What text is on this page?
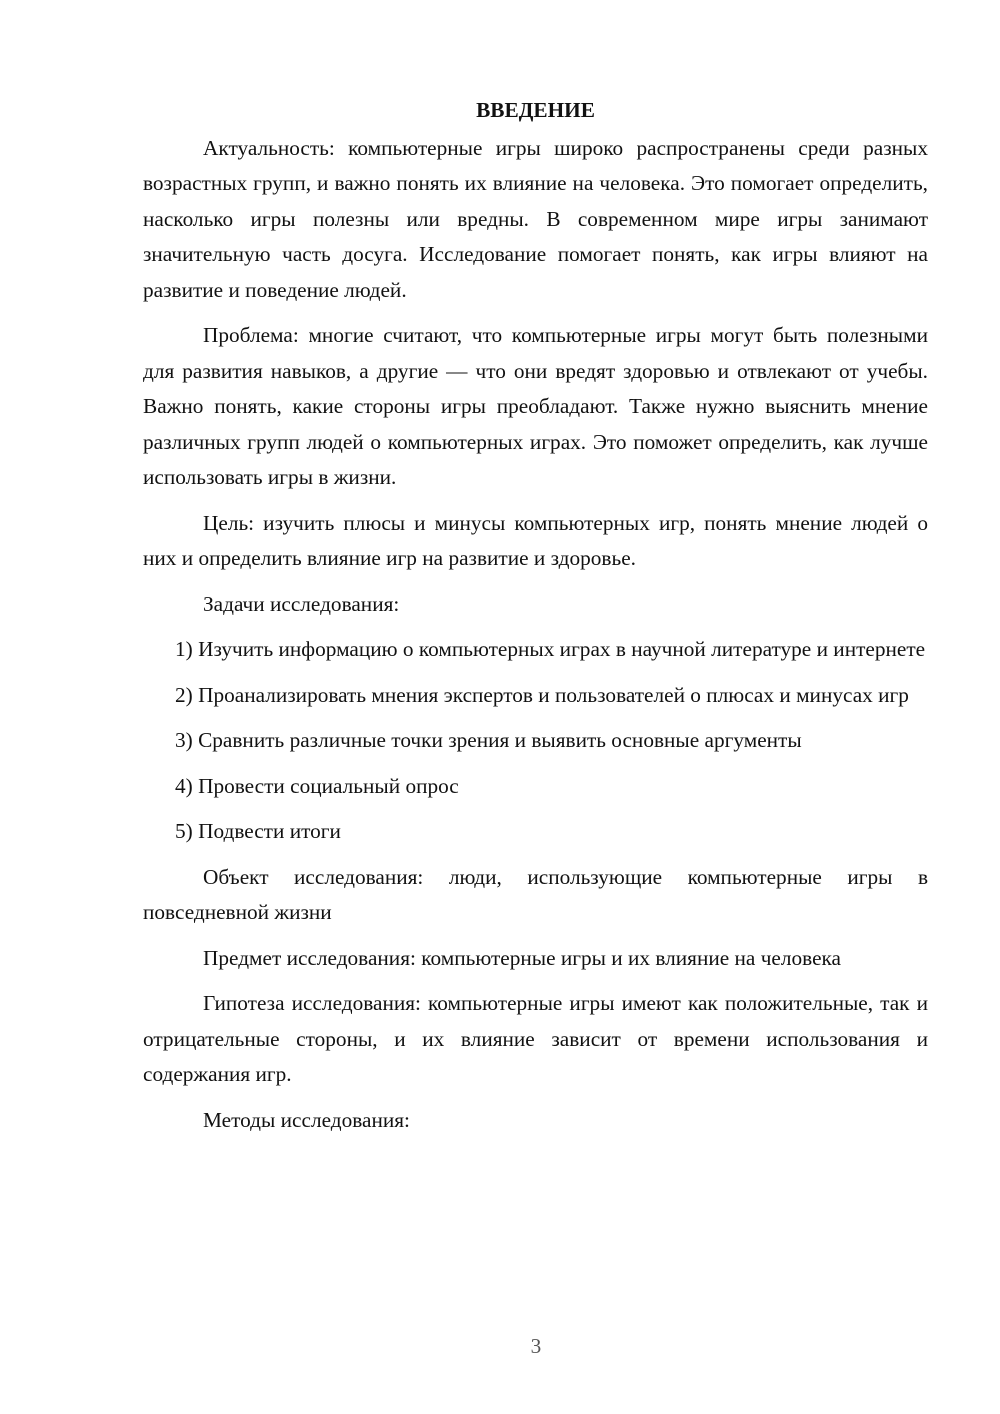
ВВЕДЕНИЕ

Актуальность: компьютерные игры широко распространены среди разных возрастных групп, и важно понять их влияние на человека. Это помогает определить, насколько игры полезны или вредны. В современном мире игры занимают значительную часть досуга. Исследование помогает понять, как игры влияют на развитие и поведение людей.

Проблема: многие считают, что компьютерные игры могут быть полезными для развития навыков, а другие — что они вредят здоровью и отвлекают от учебы. Важно понять, какие стороны игры преобладают. Также нужно выяснить мнение различных групп людей о компьютерных играх. Это поможет определить, как лучше использовать игры в жизни.

Цель: изучить плюсы и минусы компьютерных игр, понять мнение людей о них и определить влияние игр на развитие и здоровье.

Задачи исследования:

1) Изучить информацию о компьютерных играх в научной литературе и интернете

2) Проанализировать мнения экспертов и пользователей о плюсах и минусах игр

3) Сравнить различные точки зрения и выявить основные аргументы

4) Провести социальный опрос

5) Подвести итоги

Объект исследования: люди, использующие компьютерные игры в повседневной жизни

Предмет исследования: компьютерные игры и их влияние на человека

Гипотеза исследования: компьютерные игры имеют как положительные, так и отрицательные стороны, и их влияние зависит от времени использования и содержания игр.

Методы исследования:

3
